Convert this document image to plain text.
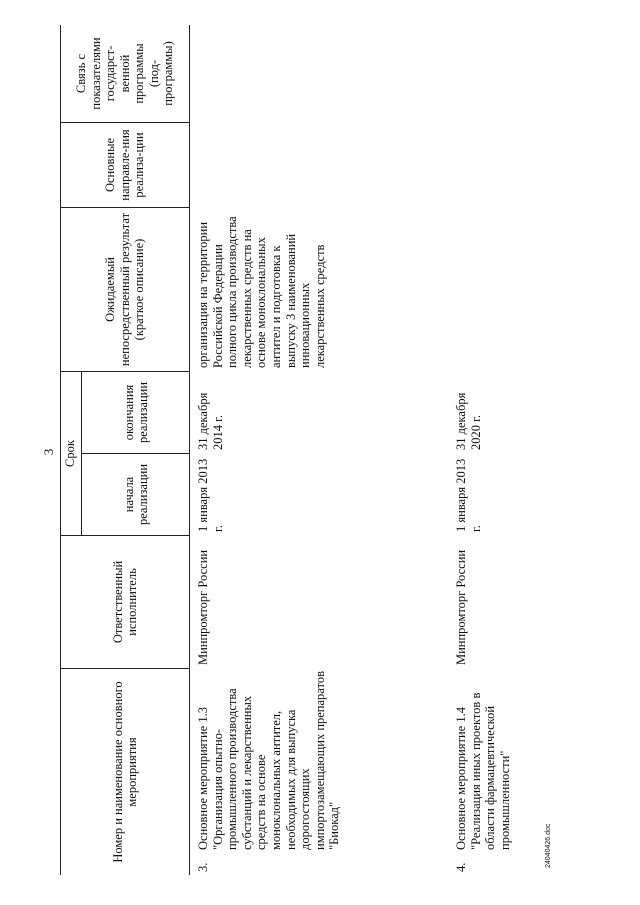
3
24040426.doc
Номер и наименование основного мероприятия
Ответственный исполнитель
Срок
начала реализации
окончания реализации
Ожидаемый непосредственный результат (краткое описание)
Основные направле-ния реализа-ции
Связь с показателями государст-венной программы (под-программы)
3.
Основное мероприятие 1.3 "Организация опытно-промышленного производства субстанций и лекарственных средств на основе моноклональных антител, необходимых для выпуска дорогостоящих импортозамещающих препаратов "Биокад"
Минпромторг России
1 января 2013 г.
31 декабря 2014 г.
организация на территории Российской Федерации полного цикла производства лекарственных средств на основе моноклональных антител и подготовка к выпуску 3 наименований инновационных лекарственных средств
4.
Основное мероприятие 1.4 "Реализация иных проектов в области фармацевтической промышленности"
Минпромторг России
1 января 2013 г.
31 декабря 2020 г.
